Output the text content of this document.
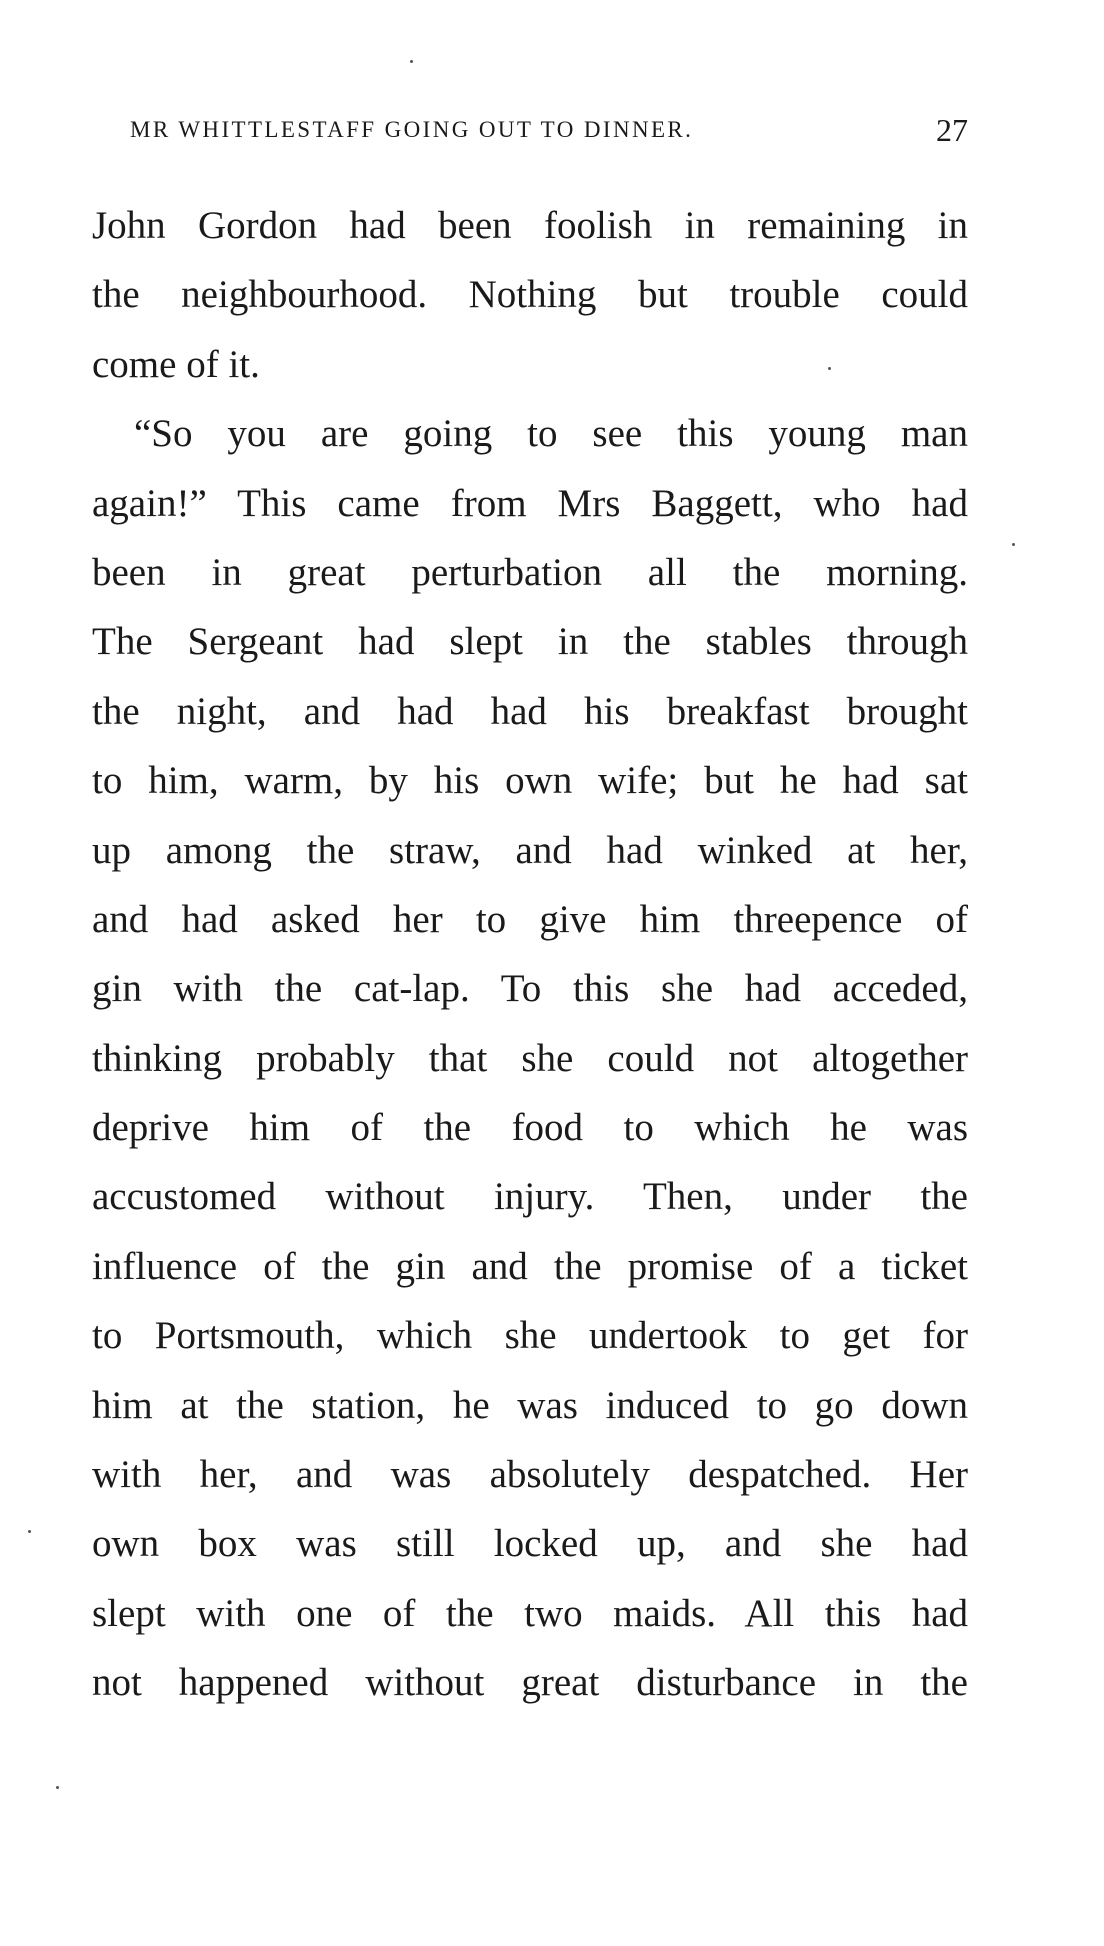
MR WHITTLESTAFF GOING OUT TO DINNER.	27
John Gordon had been foolish in remaining in
the neighbourhood. Nothing but trouble could
come of it.
“So you are going to see this young man
again!” This came from Mrs Baggett, who had
been in great perturbation all the morning.
The Sergeant had slept in the stables through
the night, and had had his breakfast brought
to him, warm, by his own wife; but he had sat
up among the straw, and had winked at her,
and had asked her to give him threepence of
gin with the cat-lap. To this she had acceded,
thinking probably that she could not altogether
deprive him of the food to which he was
accustomed without injury. Then, under the
influence of the gin and the promise of a ticket
to Portsmouth, which she undertook to get for
him at the station, he was induced to go down
with her, and was absolutely despatched. Her
own box was still locked up, and she had
slept with one of the two maids. All this had
not happened without great disturbance in the
